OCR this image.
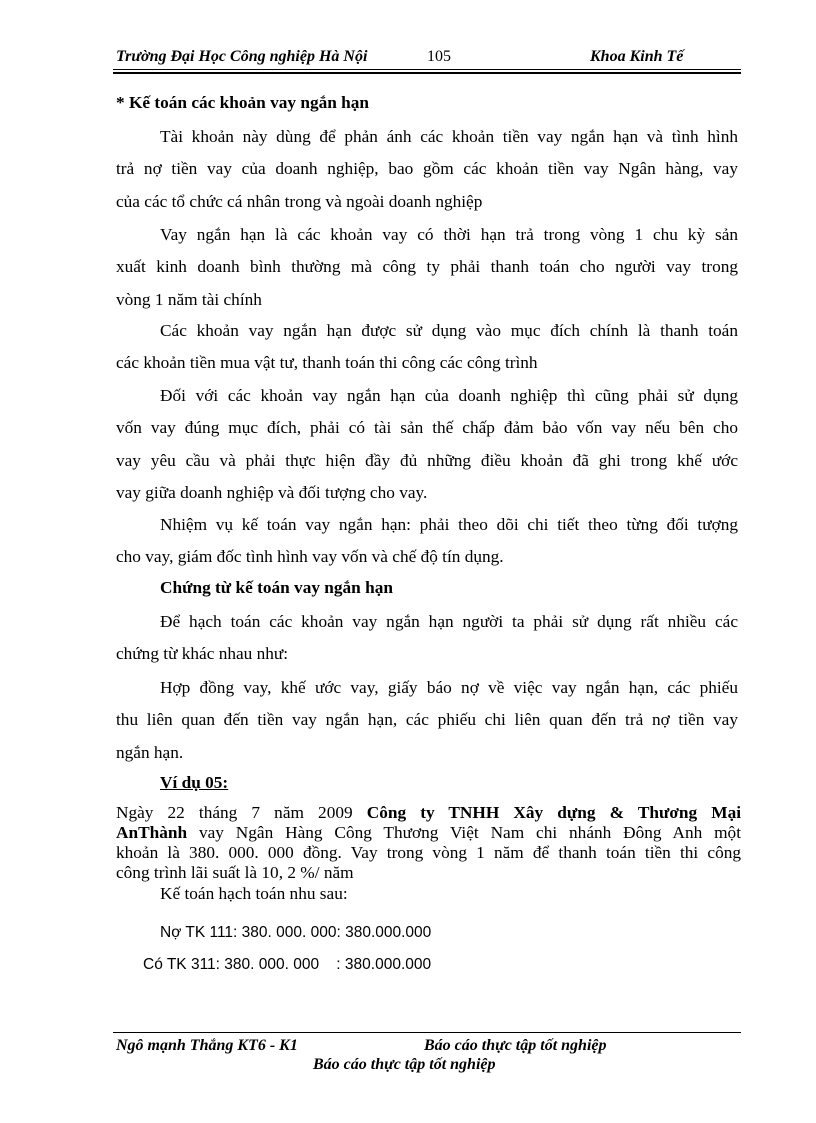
Trường Đại Học Công nghiệp Hà Nội	105	Khoa Kinh Tế
* Kế toán các khoản vay ngắn hạn
Tài khoản này dùng để phản ánh các khoản tiền vay ngắn hạn và tình hình
trả nợ tiền vay của doanh nghiệp, bao gồm các khoản tiền vay Ngân hàng, vay
của các tổ chức cá nhân trong và ngoài doanh nghiệp
Vay ngắn hạn là các khoản vay có thời hạn trả trong vòng 1 chu kỳ sản
xuất kinh doanh bình thường mà công ty phải thanh toán cho người vay trong
vòng 1 năm tài chính
Các khoản vay ngắn hạn được sử dụng vào mục đích chính là thanh toán
các khoản tiền mua vật tư, thanh toán thi công các công trình
Đối với các khoản vay ngắn hạn của doanh nghiệp thì cũng phải sử dụng
vốn vay đúng mục đích, phải có tài sản thế chấp đảm bảo vốn vay nếu bên cho
vay yêu cầu và phải thực hiện đầy đủ những điều khoản đã ghi trong khế ước
vay giữa doanh nghiệp và đối tượng cho vay.
Nhiệm vụ kế toán vay ngắn hạn: phải theo dõi chi tiết theo từng đối tượng
cho vay, giám đốc tình hình vay vốn và chế độ tín dụng.
Chứng từ kế toán vay ngắn hạn
Để hạch toán các khoản vay ngắn hạn người ta phải sử dụng rất nhiều các
chứng từ khác nhau như:
Hợp đồng vay, khế ước vay, giấy báo nợ về việc vay ngắn hạn, các phiếu
thu liên quan đến tiền vay ngắn hạn, các phiếu chi liên quan đến trả nợ tiền vay
ngắn hạn.
Ví dụ 05:
Ngày 22 tháng 7 năm 2009 Công ty TNHH Xây dựng & Thương Mại
AnThành vay Ngân Hàng Công Thương Việt Nam chi nhánh Đông Anh một
khoản là 380. 000. 000 đồng. Vay trong vòng 1 năm để thanh toán tiền thi công
công trình lãi suất là 10, 2 %/ năm
Kế toán hạch toán nhu sau:
Nợ TK 111: 380. 000. 000: 380.000.000
Có TK 311: 380. 000. 000    : 380.000.000
Ngô mạnh Thắng KT6 - K1	Báo cáo thực tập tốt nghiệp
Báo cáo thực tập tốt nghiệp
